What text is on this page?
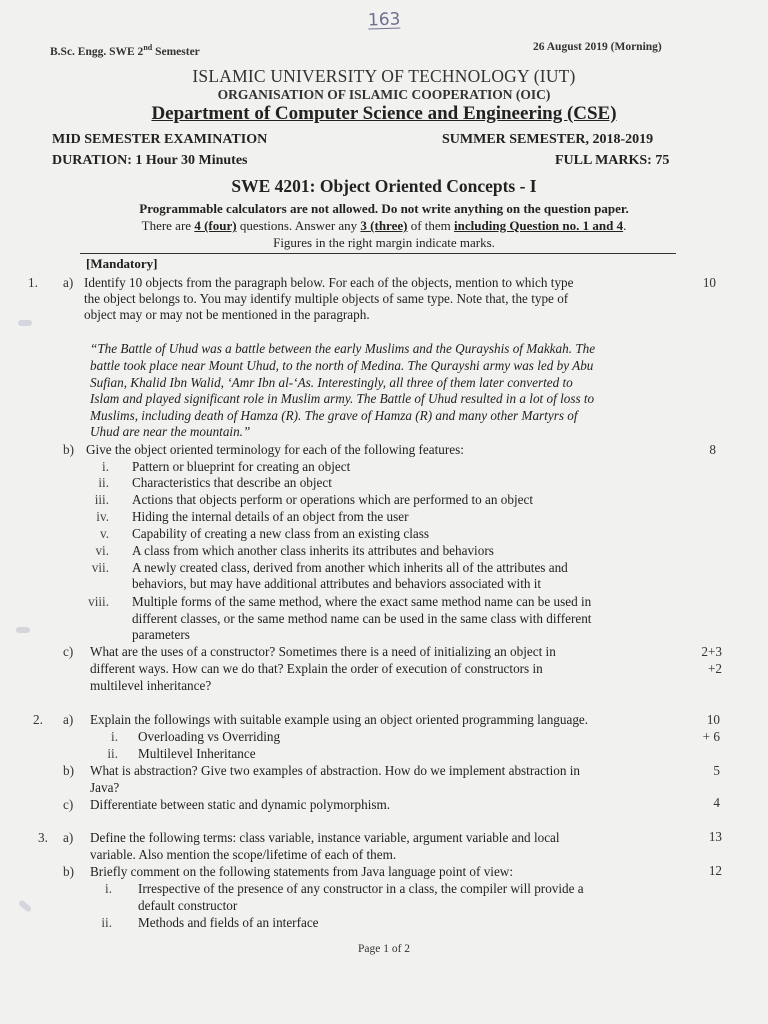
163
B.Sc. Engg. SWE 2nd Semester	26 August 2019 (Morning)
ISLAMIC UNIVERSITY OF TECHNOLOGY (IUT)
ORGANISATION OF ISLAMIC COOPERATION (OIC)
Department of Computer Science and Engineering (CSE)
MID SEMESTER EXAMINATION	SUMMER SEMESTER, 2018-2019
DURATION: 1 Hour 30 Minutes	FULL MARKS: 75
SWE 4201: Object Oriented Concepts - I
Programmable calculators are not allowed. Do not write anything on the question paper.
There are 4 (four) questions. Answer any 3 (three) of them including Question no. 1 and 4.
Figures in the right margin indicate marks.
[Mandatory]
1. a) Identify 10 objects from the paragraph below. For each of the objects, mention to which type
the object belongs to. You may identify multiple objects of same type. Note that, the type of
object may or may not be mentioned in the paragraph.
10
“The Battle of Uhud was a battle between the early Muslims and the Qurayshis of Makkah. The
battle took place near Mount Uhud, to the north of Medina. The Qurayshi army was led by Abu
Sufian, Khalid Ibn Walid, ‘Amr Ibn al-‘As. Interestingly, all three of them later converted to
Islam and played significant role in Muslim army. The Battle of Uhud resulted in a lot of loss to
Muslims, including death of Hamza (R). The grave of Hamza (R) and many other Martyrs of
Uhud are near the mountain.”
b) Give the object oriented terminology for each of the following features:	8
i. Pattern or blueprint for creating an object
ii. Characteristics that describe an object
iii. Actions that objects perform or operations which are performed to an object
iv. Hiding the internal details of an object from the user
v. Capability of creating a new class from an existing class
vi. A class from which another class inherits its attributes and behaviors
vii. A newly created class, derived from another which inherits all of the attributes and
behaviors, but may have additional attributes and behaviors associated with it
viii. Multiple forms of the same method, where the exact same method name can be used in
different classes, or the same method name can be used in the same class with different
parameters
c) What are the uses of a constructor? Sometimes there is a need of initializing an object in
different ways. How can we do that? Explain the order of execution of constructors in
multilevel inheritance?
2+3
+2
2. a) Explain the followings with suitable example using an object oriented programming language.	10
+ 6
i. Overloading vs Overriding
ii. Multilevel Inheritance
b) What is abstraction? Give two examples of abstraction. How do we implement abstraction in
Java?
5
c) Differentiate between static and dynamic polymorphism.	4
3. a) Define the following terms: class variable, instance variable, argument variable and local
variable. Also mention the scope/lifetime of each of them.
13
b) Briefly comment on the following statements from Java language point of view:	12
i. Irrespective of the presence of any constructor in a class, the compiler will provide a
default constructor
ii. Methods and fields of an interface
Page 1 of 2
